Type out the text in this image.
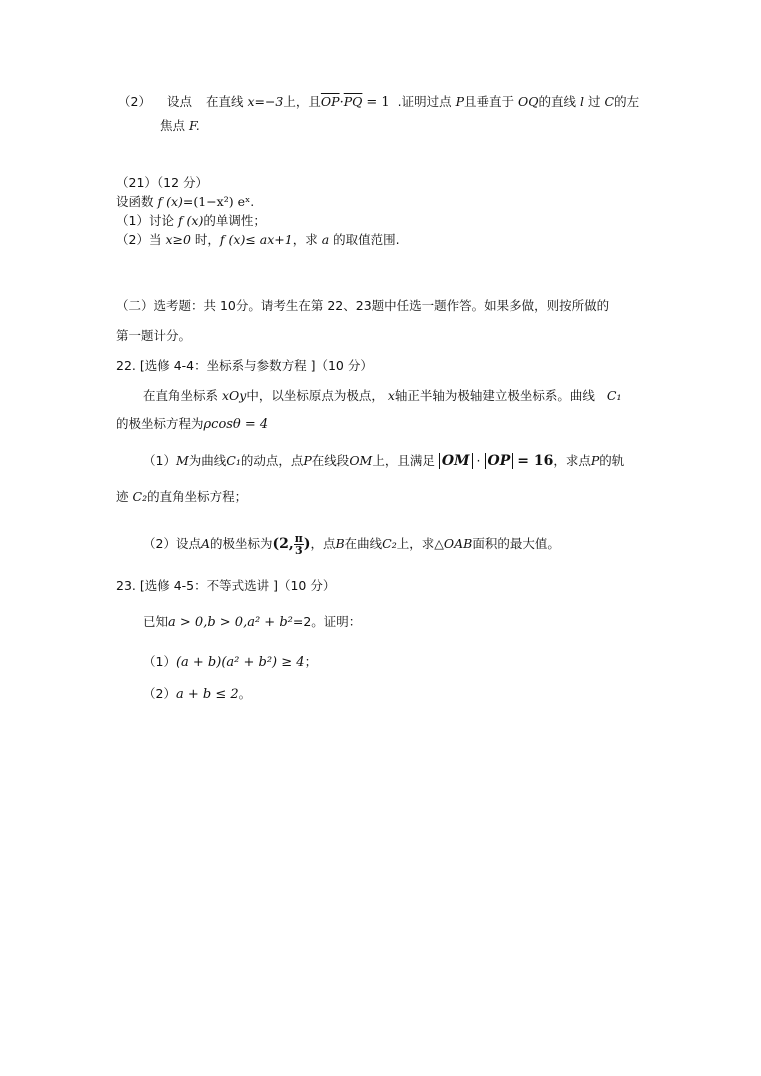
（2） 设点 在直线 x=−3上，且$\overline{OP}\cdot\overline{PQ} = 1$ .证明过点 P且垂直于 OQ的直线 l 过 C的左
焦点 F.
（21）（12 分）
设函数 f (x)=(1−x²) eˣ.
（1）讨论 f (x)的单调性；
（2）当 x≥0 时，f (x)≤ ax+1，求 a 的取值范围.
（二）选考题：共 10分。请考生在第 22、23题中任选一题作答。如果多做，则按所做的
第一题计分。
22. [选修 4-4：坐标系与参数方程 ]（10 分）
在直角坐标系 xOy中，以坐标原点为极点， x轴正半轴为极轴建立极坐标系。曲线 C₁
的极坐标方程为ρcosθ = 4
（1）M为曲线C₁的动点，点P在线段OM上，且满足 OM · OP = 16，求点P的轨
迹 C₂的直角坐标方程；
（2）设点A的极坐标为(2, $\frac{\pi}{3}$ )，点B在曲线C₂上，求△OAB面积的最大值。
23. [选修 4-5：不等式选讲 ]（10 分）
已知a > 0,b > 0,a² + b²=2。证明：
（1）(a + b)(a² + b²) ≥ 4；
（2）a + b ≤ 2。
